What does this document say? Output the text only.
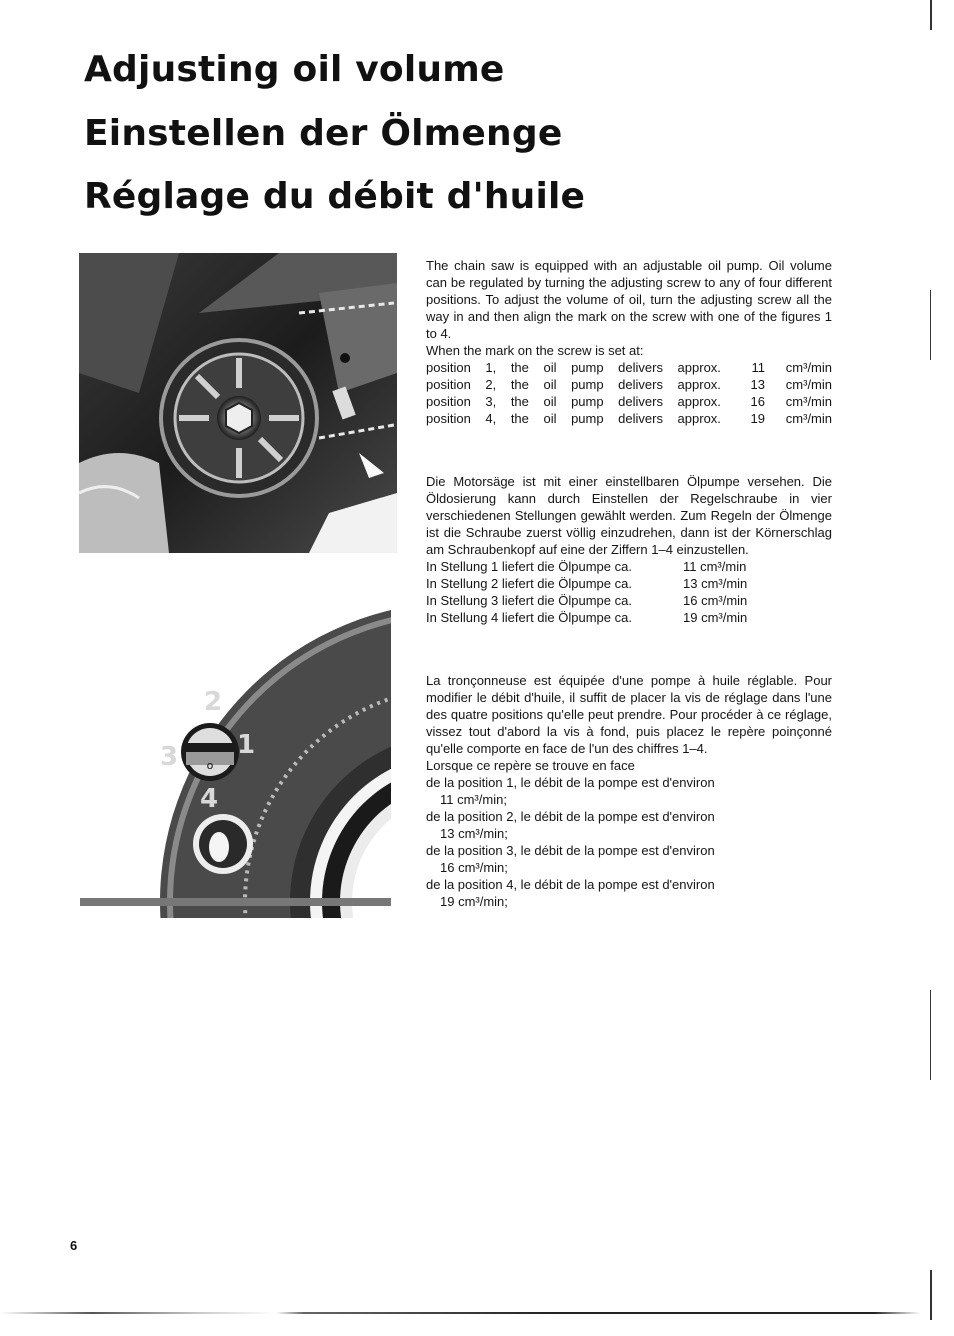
Adjusting oil volume
Einstellen der Ölmenge
Réglage du débit d'huile
o
2
1
3
4

The chain saw is equipped with an adjustable oil pump. Oil volume can be regulated by turning the adjusting screw to any of four different positions. To adjust the volume of oil, turn the adjusting screw all the way in and then align the mark on the screw with one of the figures 1 to 4.

When the mark on the screw is set at:
position 1, the oil pump delivers approx.	11	cm³/min
position 2, the oil pump delivers approx.	13	cm³/min
position 3, the oil pump delivers approx.	16	cm³/min
position 4, the oil pump delivers approx.	19	cm³/min

Die Motorsäge ist mit einer einstellbaren Ölpumpe versehen. Die Öldosierung kann durch Einstellen der Regelschraube in vier verschiedenen Stellungen gewählt werden. Zum Regeln der Ölmenge ist die Schraube zuerst völlig einzudrehen, dann ist der Körnerschlag am Schraubenkopf auf eine der Ziffern 1–4 einzustellen.

In Stellung 1 liefert die Ölpumpe ca.	11 cm³/min
In Stellung 2 liefert die Ölpumpe ca.	13 cm³/min
In Stellung 3 liefert die Ölpumpe ca.	16 cm³/min
In Stellung 4 liefert die Ölpumpe ca.	19 cm³/min

La tronçonneuse est équipée d'une pompe à huile réglable. Pour modifier le débit d'huile, il suffit de placer la vis de réglage dans l'une des quatre positions qu'elle peut prendre. Pour procéder à ce réglage, vissez tout d'abord la vis à fond, puis placez le repère poinçonné qu'elle comporte en face de l'un des chiffres 1–4.

Lorsque ce repère se trouve en face
de la position 1, le débit de la pompe est d'environ
11 cm³/min;
de la position 2, le débit de la pompe est d'environ
13 cm³/min;
de la position 3, le débit de la pompe est d'environ
16 cm³/min;
de la position 4, le débit de la pompe est d'environ
19 cm³/min;
6
